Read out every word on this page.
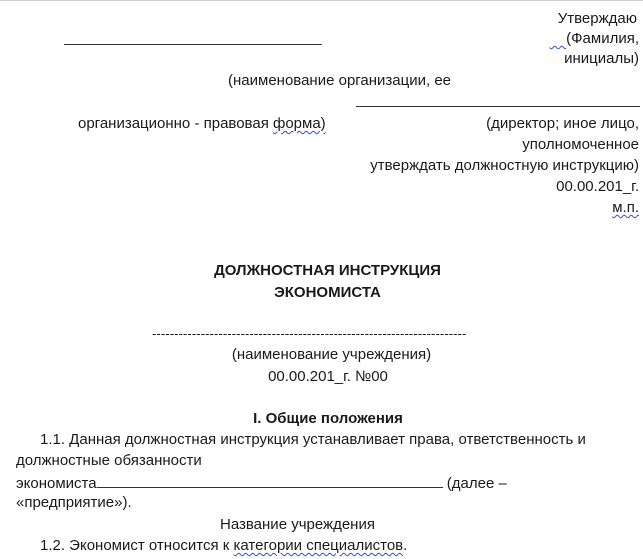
Утверждаю
(Фамилия,
инициалы)
(наименование организации, ее
организационно - правовая форма)	(директор; иное лицо,
уполномоченное
утверждать должностную инструкцию)
00.00.201_г.
м.п.
ДОЛЖНОСТНАЯ ИНСТРУКЦИЯ
ЭКОНОМИСТА
-----------------------------------------------------------------------
(наименование учреждения)
00.00.201_г. №00
I. Общие положения
1.1. Данная должностная инструкция устанавливает права, ответственность и
должностные обязанности
экономиста	(далее –
«предприятие»).
Название учреждения
1.2. Экономист относится к категории специалистов.
